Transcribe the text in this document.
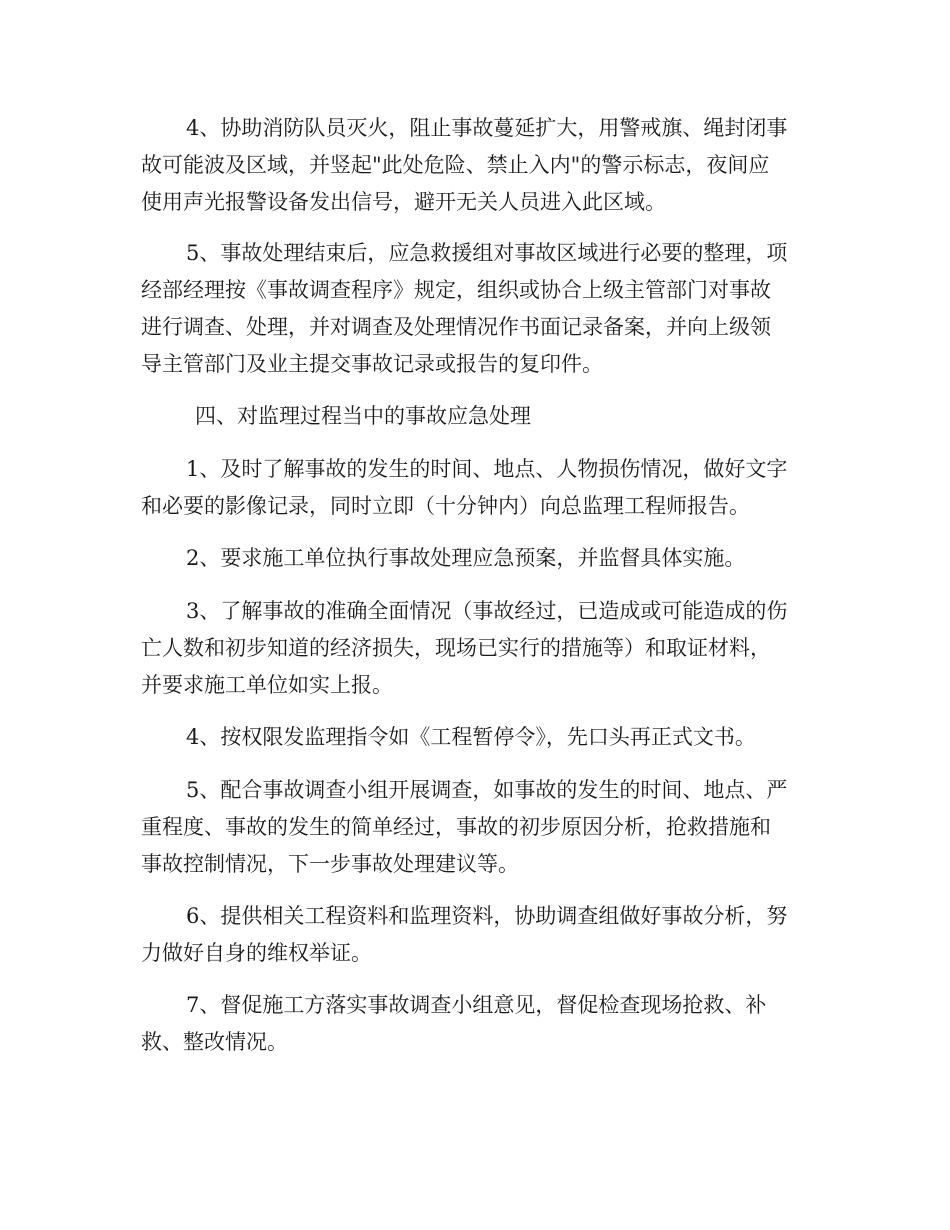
4、协助消防队员灭火，阻止事故蔓延扩大，用警戒旗、绳封闭事

故可能波及区域，并竖起"此处危险、禁止入内"的警示标志，夜间应

使用声光报警设备发出信号，避开无关人员进入此区域。

5、事故处理结束后，应急救援组对事故区域进行必要的整理，项

经部经理按《事故调查程序》规定，组织或协合上级主管部门对事故

进行调查、处理，并对调查及处理情况作书面记录备案，并向上级领

导主管部门及业主提交事故记录或报告的复印件。

四、对监理过程当中的事故应急处理

1、及时了解事故的发生的时间、地点、人物损伤情况，做好文字

和必要的影像记录，同时立即（十分钟内）向总监理工程师报告。

2、要求施工单位执行事故处理应急预案，并监督具体实施。

3、了解事故的准确全面情况（事故经过，已造成或可能造成的伤

亡人数和初步知道的经济损失，现场已实行的措施等）和取证材料，

并要求施工单位如实上报。

4、按权限发监理指令如《工程暂停令》，先口头再正式文书。

5、配合事故调查小组开展调查，如事故的发生的时间、地点、严

重程度、事故的发生的简单经过，事故的初步原因分析，抢救措施和

事故控制情况，下一步事故处理建议等。

6、提供相关工程资料和监理资料，协助调查组做好事故分析，努

力做好自身的维权举证。

7、督促施工方落实事故调查小组意见，督促检查现场抢救、补

救、整改情况。
